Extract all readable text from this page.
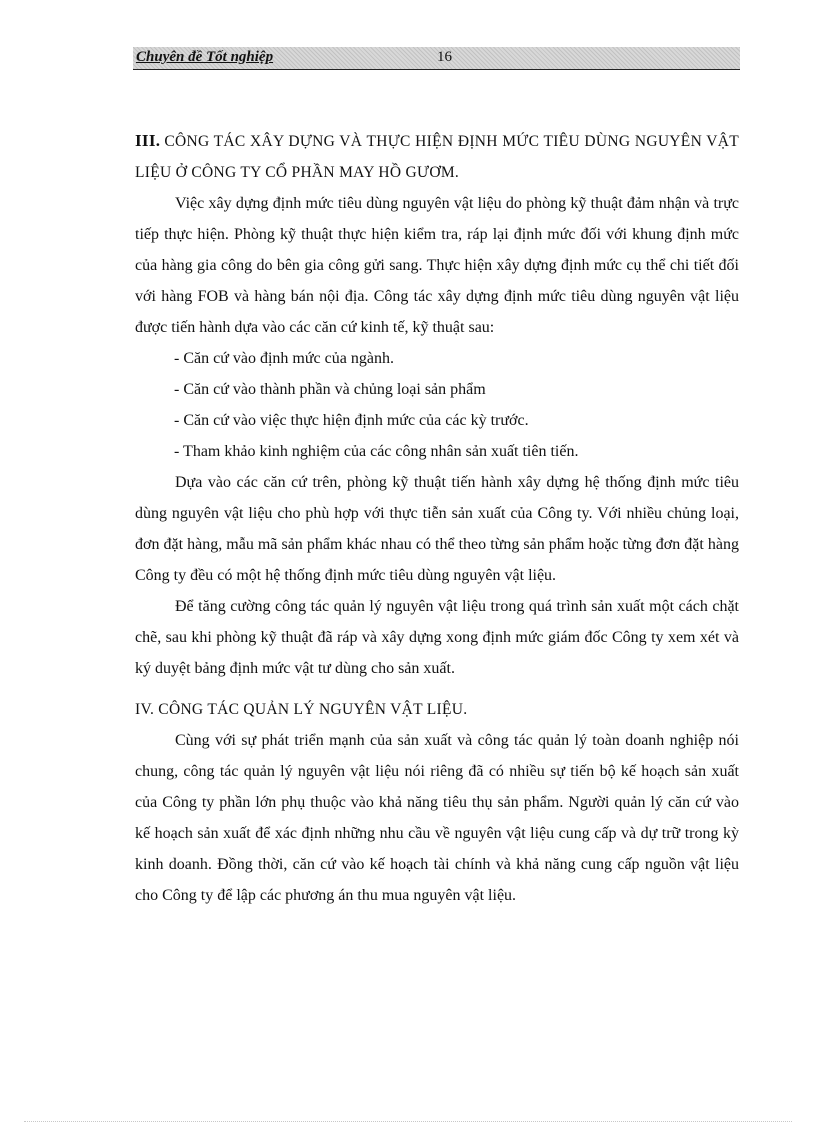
Chuyên đề Tốt nghiệp	16

III. CÔNG TÁC XÂY DỰNG VÀ THỰC HIỆN ĐỊNH MỨC TIÊU DÙNG NGUYÊN VẬT LIỆU Ở CÔNG TY CỔ PHẦN MAY HỒ GƯƠM.

Việc xây dựng định mức tiêu dùng nguyên vật liệu do phòng kỹ thuật đảm nhận và trực tiếp thực hiện. Phòng kỹ thuật thực hiện kiểm tra, ráp lại định mức đối với khung định mức của hàng gia công do bên gia công gửi sang. Thực hiện xây dựng định mức cụ thể chi tiết đối với hàng FOB và hàng bán nội địa. Công tác xây dựng định mức tiêu dùng nguyên vật liệu được tiến hành dựa vào các căn cứ kinh tế, kỹ thuật sau:

- Căn cứ vào định mức của ngành.
- Căn cứ vào thành phần và chủng loại sản phẩm
- Căn cứ vào việc thực hiện định mức của các kỳ trước.
- Tham khảo kinh nghiệm của các công nhân sản xuất tiên tiến.

Dựa vào các căn cứ trên, phòng kỹ thuật tiến hành xây dựng hệ thống định mức tiêu dùng nguyên vật liệu cho phù hợp với thực tiễn sản xuất của Công ty. Với nhiều chủng loại, đơn đặt hàng, mẫu mã sản phẩm khác nhau có thể theo từng sản phẩm hoặc từng đơn đặt hàng Công ty đều có một hệ thống định mức tiêu dùng nguyên vật liệu.

Để tăng cường công tác quản lý nguyên vật liệu trong quá trình sản xuất một cách chặt chẽ, sau khi phòng kỹ thuật đã ráp và xây dựng xong định mức giám đốc Công ty xem xét và ký duyệt bảng định mức vật tư dùng cho sản xuất.

IV. CÔNG TÁC QUẢN LÝ NGUYÊN VẬT LIỆU.

Cùng với sự phát triển mạnh của sản xuất và công tác quản lý toàn doanh nghiệp nói chung, công tác quản lý nguyên vật liệu nói riêng đã có nhiều sự tiến bộ kế hoạch sản xuất của Công ty phần lớn phụ thuộc vào khả năng tiêu thụ sản phẩm. Người quản lý căn cứ vào kế hoạch sản xuất để xác định những nhu cầu về nguyên vật liệu cung cấp và dự trữ trong kỳ kinh doanh. Đồng thời, căn cứ vào kế hoạch tài chính và khả năng cung cấp nguồn vật liệu cho Công ty để lập các phương án thu mua nguyên vật liệu.
